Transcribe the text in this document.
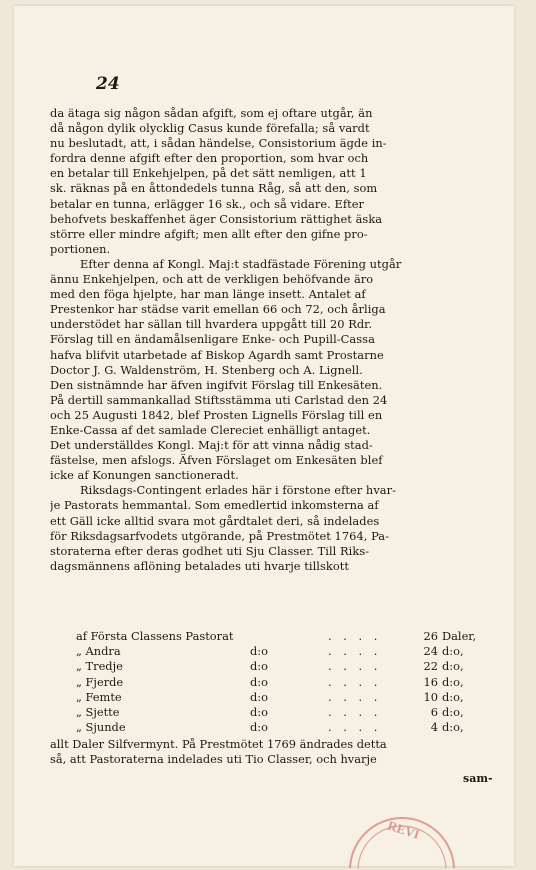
24
da ätaga sig någon sådan afgift, som ej oftare utgår, än
då någon dylik olycklig Casus kunde förefalla; så vardt
nu beslutadt, att, i sådan händelse, Consistorium ägde in-
fordra denne afgift efter den proportion, som hvar och
en betalar till Enkehjelpen, på det sätt nemligen, att 1
sk. räknas på en åttondedels tunna Råg, så att den, som
betalar en tunna, erlägger 16 sk., och så vidare. Efter
behofvets beskaffenhet äger Consistorium rättighet äska
större eller mindre afgift; men allt efter den gifne pro-
portionen.
Efter denna af Kongl. Maj:t stadfästade Förening utgår
ännu Enkehjelpen, och att de verkligen behöfvande äro
med den föga hjelpte, har man länge insett. Antalet af
Prestenkor har städse varit emellan 66 och 72, och årliga
understödet har sällan till hvardera uppgått till 20 Rdr.
Förslag till en ändamålsenligare Enke- och Pupill-Cassa
hafva blifvit utarbetade af Biskop Agardh samt Prostarne
Doctor J. G. Waldenström, H. Stenberg och A. Lignell.
Den sistnämnde har äfven ingifvit Förslag till Enkesäten.
På dertill sammankallad Stiftsstämma uti Carlstad den 24
och 25 Augusti 1842, blef Prosten Lignells Förslag till en
Enke-Cassa af det samlade Clereciet enhälligt antaget.
Det underställdes Kongl. Maj:t för att vinna nådig stad-
fästelse, men afslogs. Äfven Förslaget om Enkesäten blef
icke af Konungen sanctioneradt.
Riksdags-Contingent erlades här i förstone efter hvar-
je Pastorats hemmantal. Som emedlertid inkomsterna af
ett Gäll icke alltid svara mot gårdtalet deri, så indelades
för Riksdagsarfvodets utgörande, på Prestmötet 1764, Pa-
storaterna efter deras godhet uti Sju Classer. Till Riks-
dagsmännens aflöning betalades uti hvarje tillskott
af Första Classens Pastorat	. . . .	26 Daler,
„ Andra	d:o	. . . .	24 d:o,
„ Tredje	d:o	. . . .	22 d:o,
„ Fjerde	d:o	. . . .	16 d:o,
„ Femte	d:o	. . . .	10 d:o,
„ Sjette	d:o	. . . .	6 d:o,
„ Sjunde	d:o	. . . .	4 d:o,
allt Daler Silfvermynt. På Prestmötet 1769 ändrades detta
så, att Pastoraterna indelades uti Tio Classer, och hvarje
sam-
REVI
